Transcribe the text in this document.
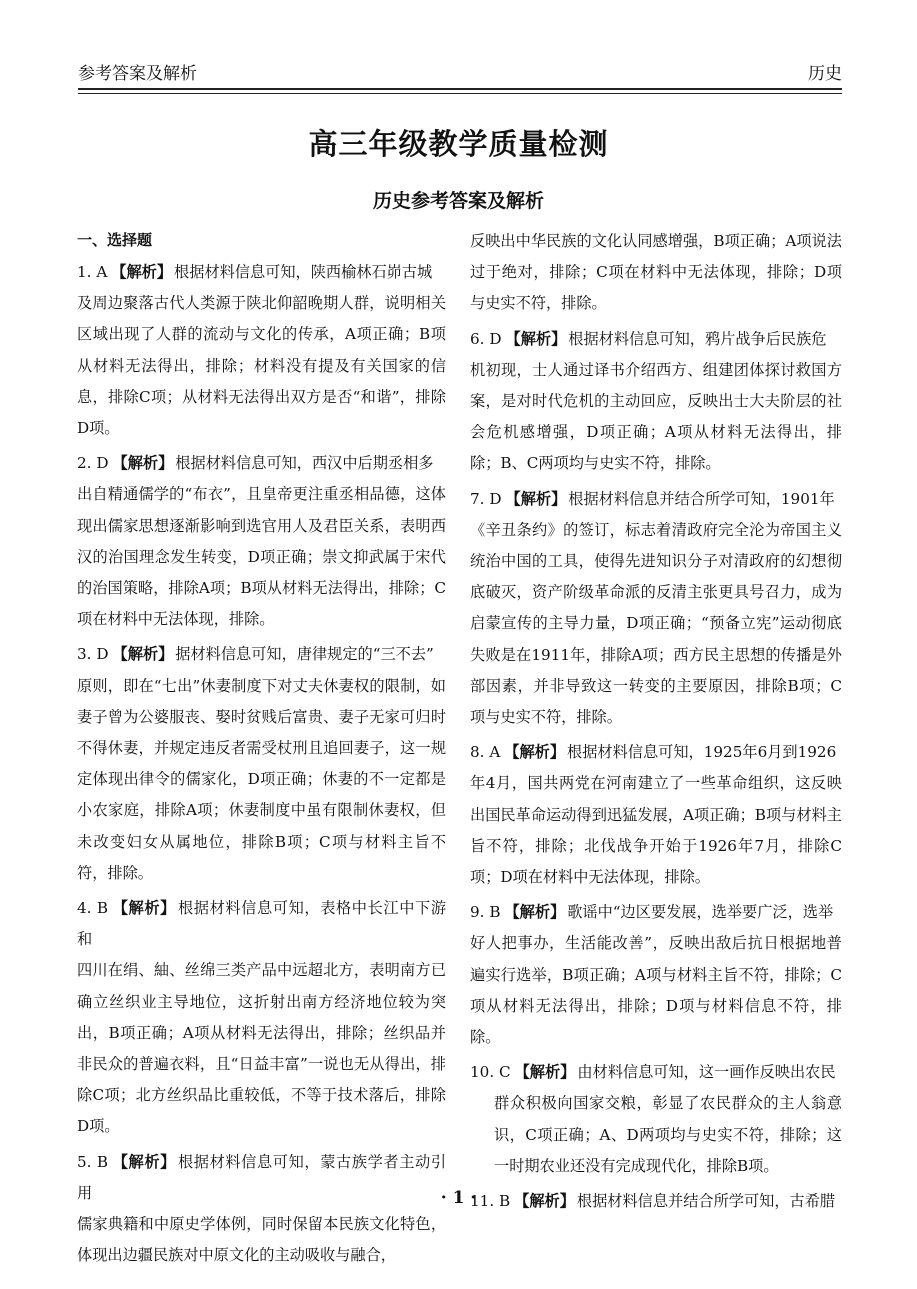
参考答案及解析	历史
高三年级教学质量检测
历史参考答案及解析
一、选择题
1. A 【解析】 根据材料信息可知，陕西榆林石峁古城
及周边聚落古代人类源于陕北仰韶晚期人群，说明相关区域出现了人群的流动与文化的传承，A项正确；B项从材料无法得出，排除；材料没有提及有关国家的信息，排除C项；从材料无法得出双方是否“和谐”，排除D项。
2. D 【解析】 根据材料信息可知，西汉中后期丞相多
出自精通儒学的“布衣”，且皇帝更注重丞相品德，这体现出儒家思想逐渐影响到选官用人及君臣关系，表明西汉的治国理念发生转变，D项正确；崇文抑武属于宋代的治国策略，排除A项；B项从材料无法得出，排除；C项在材料中无法体现，排除。
3. D 【解析】 据材料信息可知，唐律规定的“三不去”
原则，即在“七出”休妻制度下对丈夫休妻权的限制，如妻子曾为公婆服丧、娶时贫贱后富贵、妻子无家可归时不得休妻，并规定违反者需受杖刑且追回妻子，这一规定体现出律令的儒家化，D项正确；休妻的不一定都是小农家庭，排除A项；休妻制度中虽有限制休妻权，但未改变妇女从属地位，排除B项；C项与材料主旨不符，排除。
4. B 【解析】 根据材料信息可知，表格中长江中下游和
四川在绢、紬、丝绵三类产品中远超北方，表明南方已确立丝织业主导地位，这折射出南方经济地位较为突出，B项正确；A项从材料无法得出，排除；丝织品并非民众的普遍衣料，且“日益丰富”一说也无从得出，排除C项；北方丝织品比重较低，不等于技术落后，排除D项。
5. B 【解析】 根据材料信息可知，蒙古族学者主动引用
儒家典籍和中原史学体例，同时保留本民族文化特色，体现出边疆民族对中原文化的主动吸收与融合，
反映出中华民族的文化认同感增强，B项正确；A项说法过于绝对，排除；C项在材料中无法体现，排除；D项与史实不符，排除。
6. D 【解析】 根据材料信息可知，鸦片战争后民族危
机初现，士人通过译书介绍西方、组建团体探讨救国方案，是对时代危机的主动回应，反映出士大夫阶层的社会危机感增强，D项正确；A项从材料无法得出，排除；B、C两项均与史实不符，排除。
7. D 【解析】 根据材料信息并结合所学可知，1901年
《辛丑条约》的签订，标志着清政府完全沦为帝国主义统治中国的工具，使得先进知识分子对清政府的幻想彻底破灭，资产阶级革命派的反清主张更具号召力，成为启蒙宣传的主导力量，D项正确；“预备立宪”运动彻底失败是在1911年，排除A项；西方民主思想的传播是外部因素，并非导致这一转变的主要原因，排除B项；C项与史实不符，排除。
8. A 【解析】 根据材料信息可知，1925年6月到1926
年4月，国共两党在河南建立了一些革命组织，这反映出国民革命运动得到迅猛发展，A项正确；B项与材料主旨不符，排除；北伐战争开始于1926年7月，排除C项；D项在材料中无法体现，排除。
9. B 【解析】 歌谣中“边区要发展，选举要广泛，选举
好人把事办，生活能改善”，反映出敌后抗日根据地普遍实行选举，B项正确；A项与材料主旨不符，排除；C项从材料无法得出，排除；D项与材料信息不符，排除。
10. C 【解析】 由材料信息可知，这一画作反映出农民
群众积极向国家交粮，彰显了农民群众的主人翁意识，C项正确；A、D两项均与史实不符，排除；这一时期农业还没有完成现代化，排除B项。
11. B 【解析】 根据材料信息并结合所学可知，古希腊
· 1 ·
